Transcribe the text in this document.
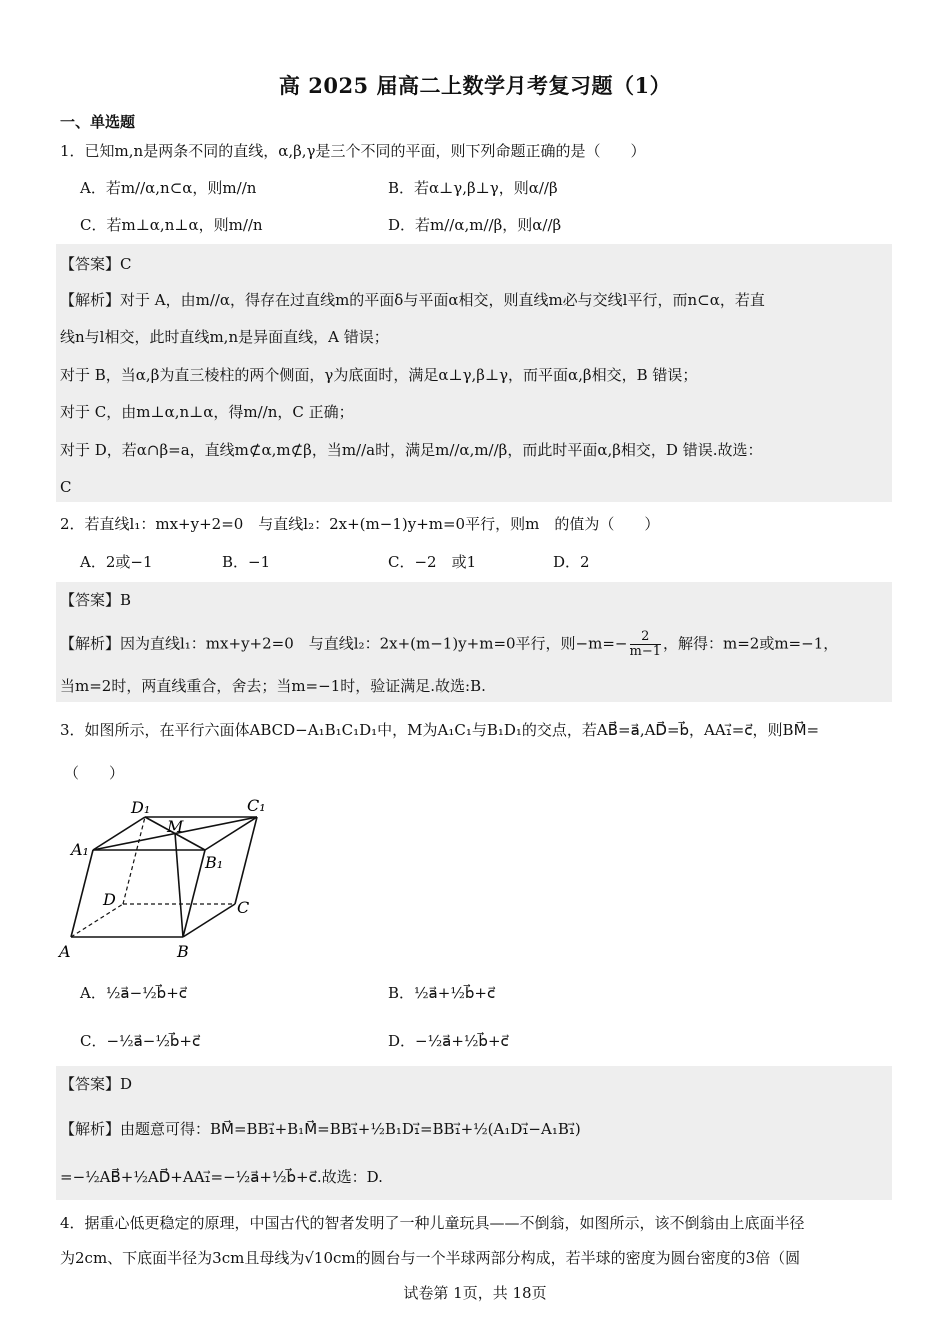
高 2025 届高二上数学月考复习题（1）
一、单选题
1．已知m,n是两条不同的直线，α,β,γ是三个不同的平面，则下列命题正确的是（　　）
A．若m//α,n⊂α，则m//n	B．若α⊥γ,β⊥γ，则α//β
C．若m⊥α,n⊥α，则m//n	D．若m//α,m//β，则α//β
【答案】C
【解析】对于 A，由m//α，得存在过直线m的平面δ与平面α相交，则直线m必与交线l平行，而n⊂α，若直
线n与l相交，此时直线m,n是异面直线，A 错误；
对于 B，当α,β为直三棱柱的两个侧面，γ为底面时，满足α⊥γ,β⊥γ，而平面α,β相交，B 错误；
对于 C，由m⊥α,n⊥α，得m//n，C 正确；
对于 D，若α∩β=a，直线m⊄α,m⊄β，当m//a时，满足m//α,m//β，而此时平面α,β相交，D 错误.故选：
C
2．若直线l₁：mx+y+2=0　与直线l₂：2x+(m−1)y+m=0平行，则m　的值为（　　）
A．2或−1	B．−1	C．−2　或1	D．2
【答案】B
【解析】因为直线l₁：mx+y+2=0　与直线l₂：2x+(m−1)y+m=0平行，则$-m=- \frac{2}{m-1}$ ，解得：m=2或m=−1，
当m=2时，两直线重合，舍去；当m=−1时，验证满足.故选:B.
3．如图所示，在平行六面体ABCD−A₁B₁C₁D₁中，M为A₁C₁与B₁D₁的交点，若AB⃗=a⃗,AD⃗=b⃗，AA₁⃗=c⃗，则BM⃗=
（　　）
D₁	C₁
M
A₁
B₁
D	C
A	B
A．½a⃗−½b⃗+c⃗	B．½a⃗+½b⃗+c⃗
C．−½a⃗−½b⃗+c⃗	D．−½a⃗+½b⃗+c⃗
【答案】D
【解析】由题意可得：BM⃗=BB₁⃗+B₁M⃗=BB₁⃗+½B₁D₁⃗=BB₁⃗+½(A₁D₁⃗−A₁B₁⃗)
=−½AB⃗+½AD⃗+AA₁⃗=−½a⃗+½b⃗+c⃗.故选：D.
4．据重心低更稳定的原理，中国古代的智者发明了一种儿童玩具——不倒翁，如图所示，该不倒翁由上底面半径
为2cm、下底面半径为3cm且母线为√10cm的圆台与一个半球两部分构成，若半球的密度为圆台密度的3倍（圆
试卷第 1页，共 18页
